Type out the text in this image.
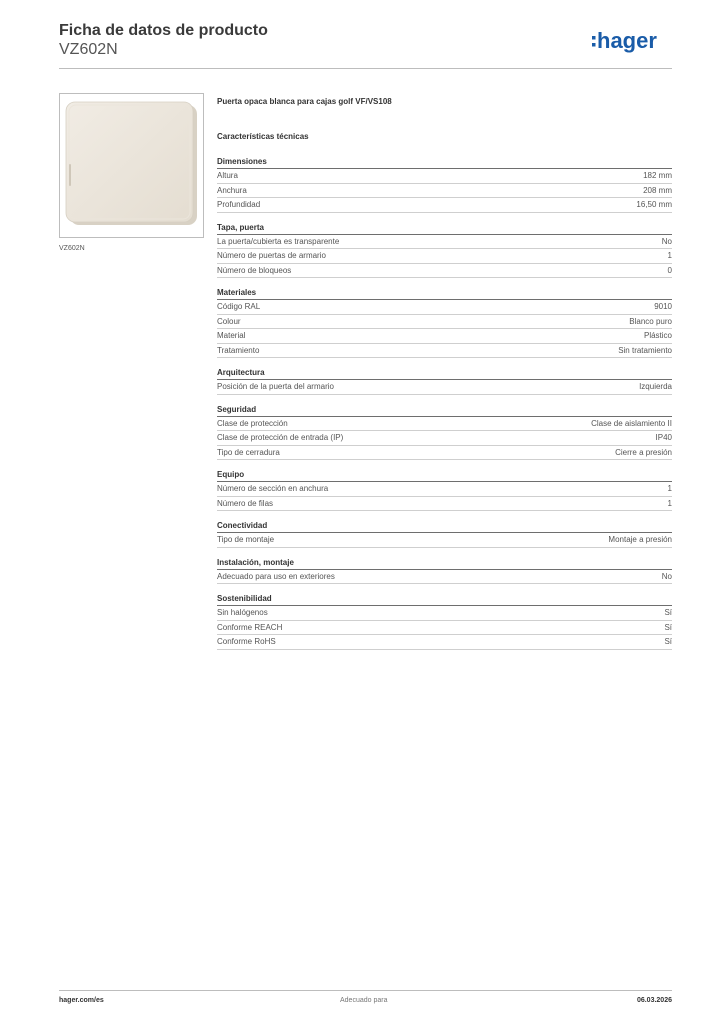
Ficha de datos de producto
VZ602N	hager
VZ602N

Puerta opaca blanca para cajas golf VF/VS108

Características técnicas

Dimensiones
Altura	182 mm
Anchura	208 mm
Profundidad	16,50 mm
Tapa, puerta
La puerta/cubierta es transparente	No
Número de puertas de armario	1
Número de bloqueos	0
Materiales
Código RAL	9010
Colour	Blanco puro
Material	Plástico
Tratamiento	Sin tratamiento
Arquitectura
Posición de la puerta del armario	Izquierda
Seguridad
Clase de protección	Clase de aislamiento II
Clase de protección de entrada (IP)	IP40
Tipo de cerradura	Cierre a presión
Equipo
Número de sección en anchura	1
Número de filas	1
Conectividad
Tipo de montaje	Montaje a presión
Instalación, montaje
Adecuado para uso en exteriores	No
Sostenibilidad
Sin halógenos	Sí
Conforme REACH	Sí
Conforme RoHS	Sí
hager.com/es	Adecuado para	06.03.2026
